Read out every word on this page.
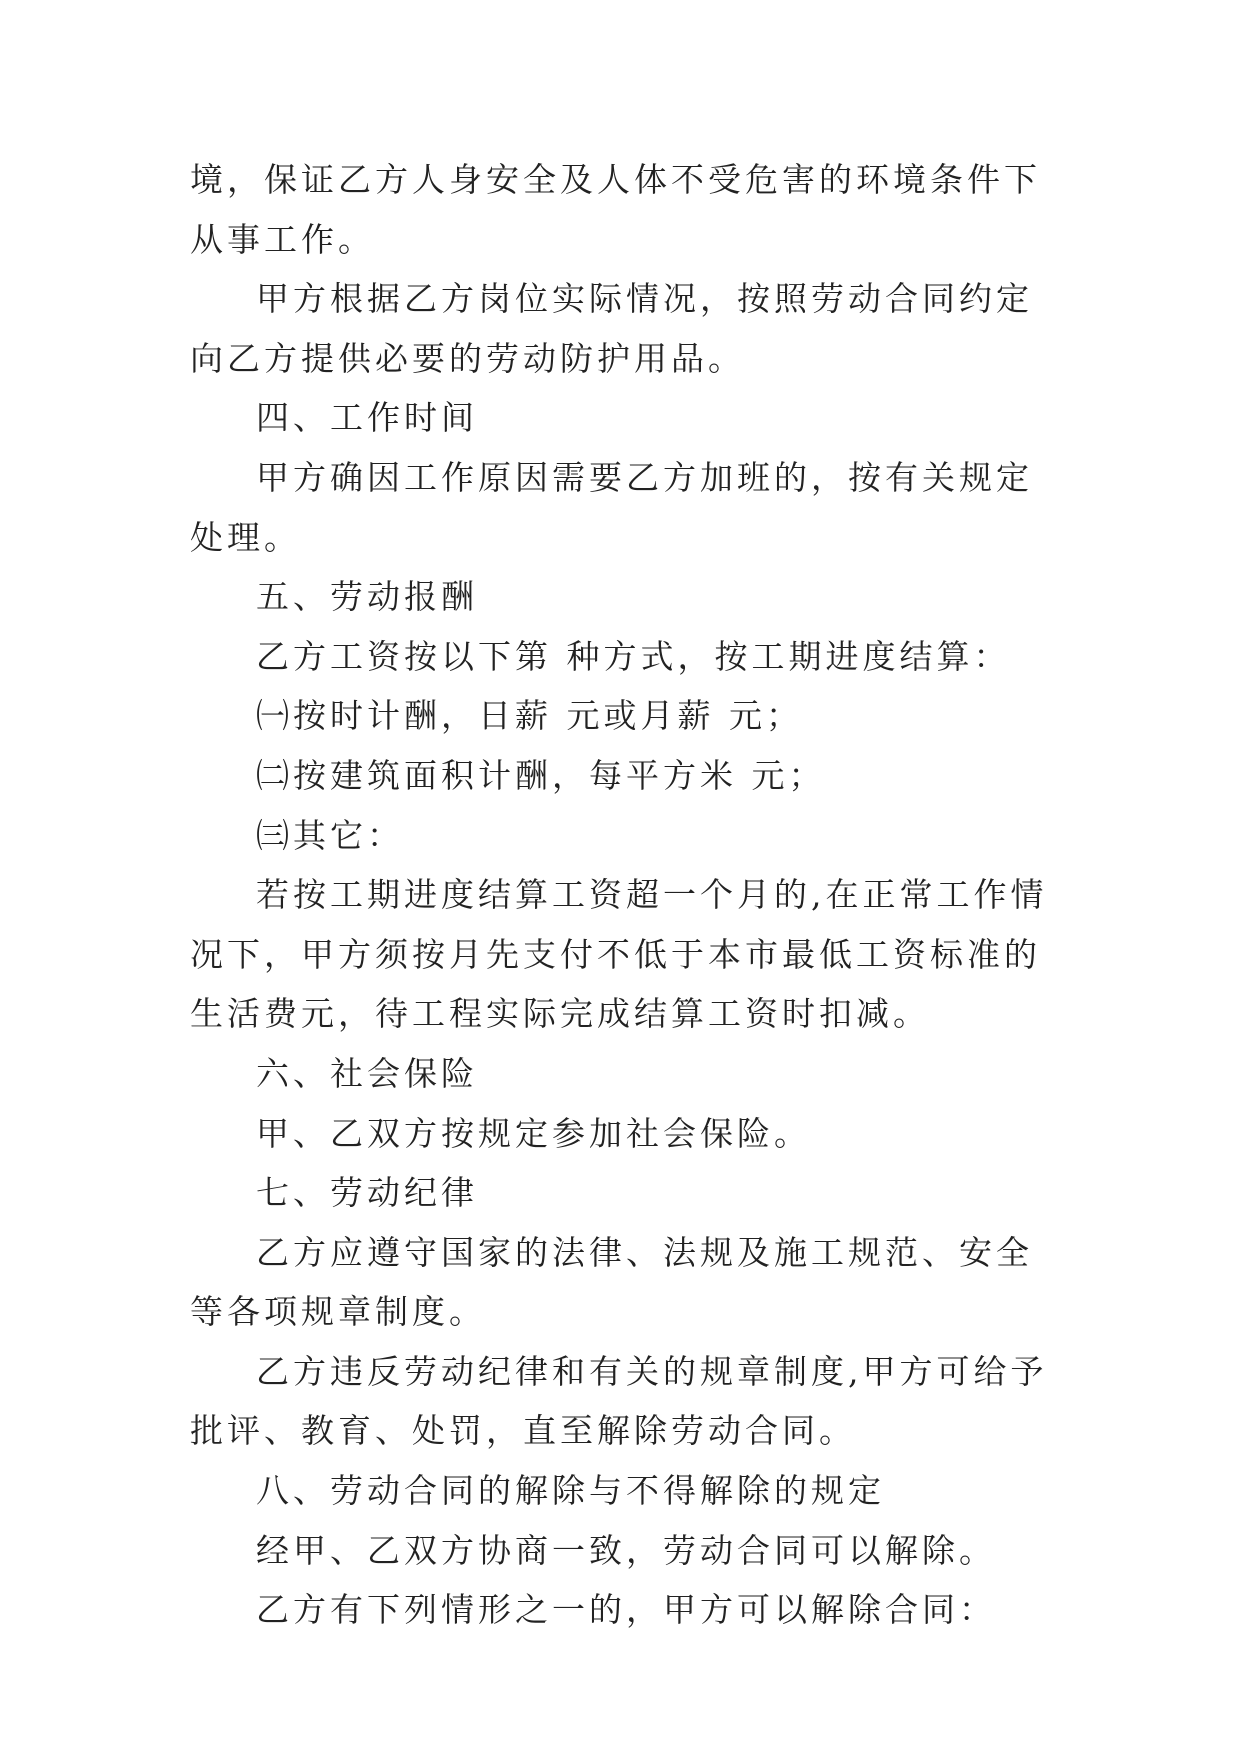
境，保证乙方人身安全及人体不受危害的环境条件下从事工作。

甲方根据乙方岗位实际情况，按照劳动合同约定向乙方提供必要的劳动防护用品。

四、工作时间

甲方确因工作原因需要乙方加班的，按有关规定处理。

五、劳动报酬

乙方工资按以下第 种方式，按工期进度结算：

㈠按时计酬，日薪 元或月薪 元；

㈡按建筑面积计酬，每平方米 元；

㈢其它：

若按工期进度结算工资超一个月的,在正常工作情况下，甲方须按月先支付不低于本市最低工资标准的生活费元，待工程实际完成结算工资时扣减。

六、社会保险

甲、乙双方按规定参加社会保险。

七、劳动纪律

乙方应遵守国家的法律、法规及施工规范、安全等各项规章制度。

乙方违反劳动纪律和有关的规章制度,甲方可给予批评、教育、处罚，直至解除劳动合同。

八、劳动合同的解除与不得解除的规定

经甲、乙双方协商一致，劳动合同可以解除。

乙方有下列情形之一的，甲方可以解除合同：
